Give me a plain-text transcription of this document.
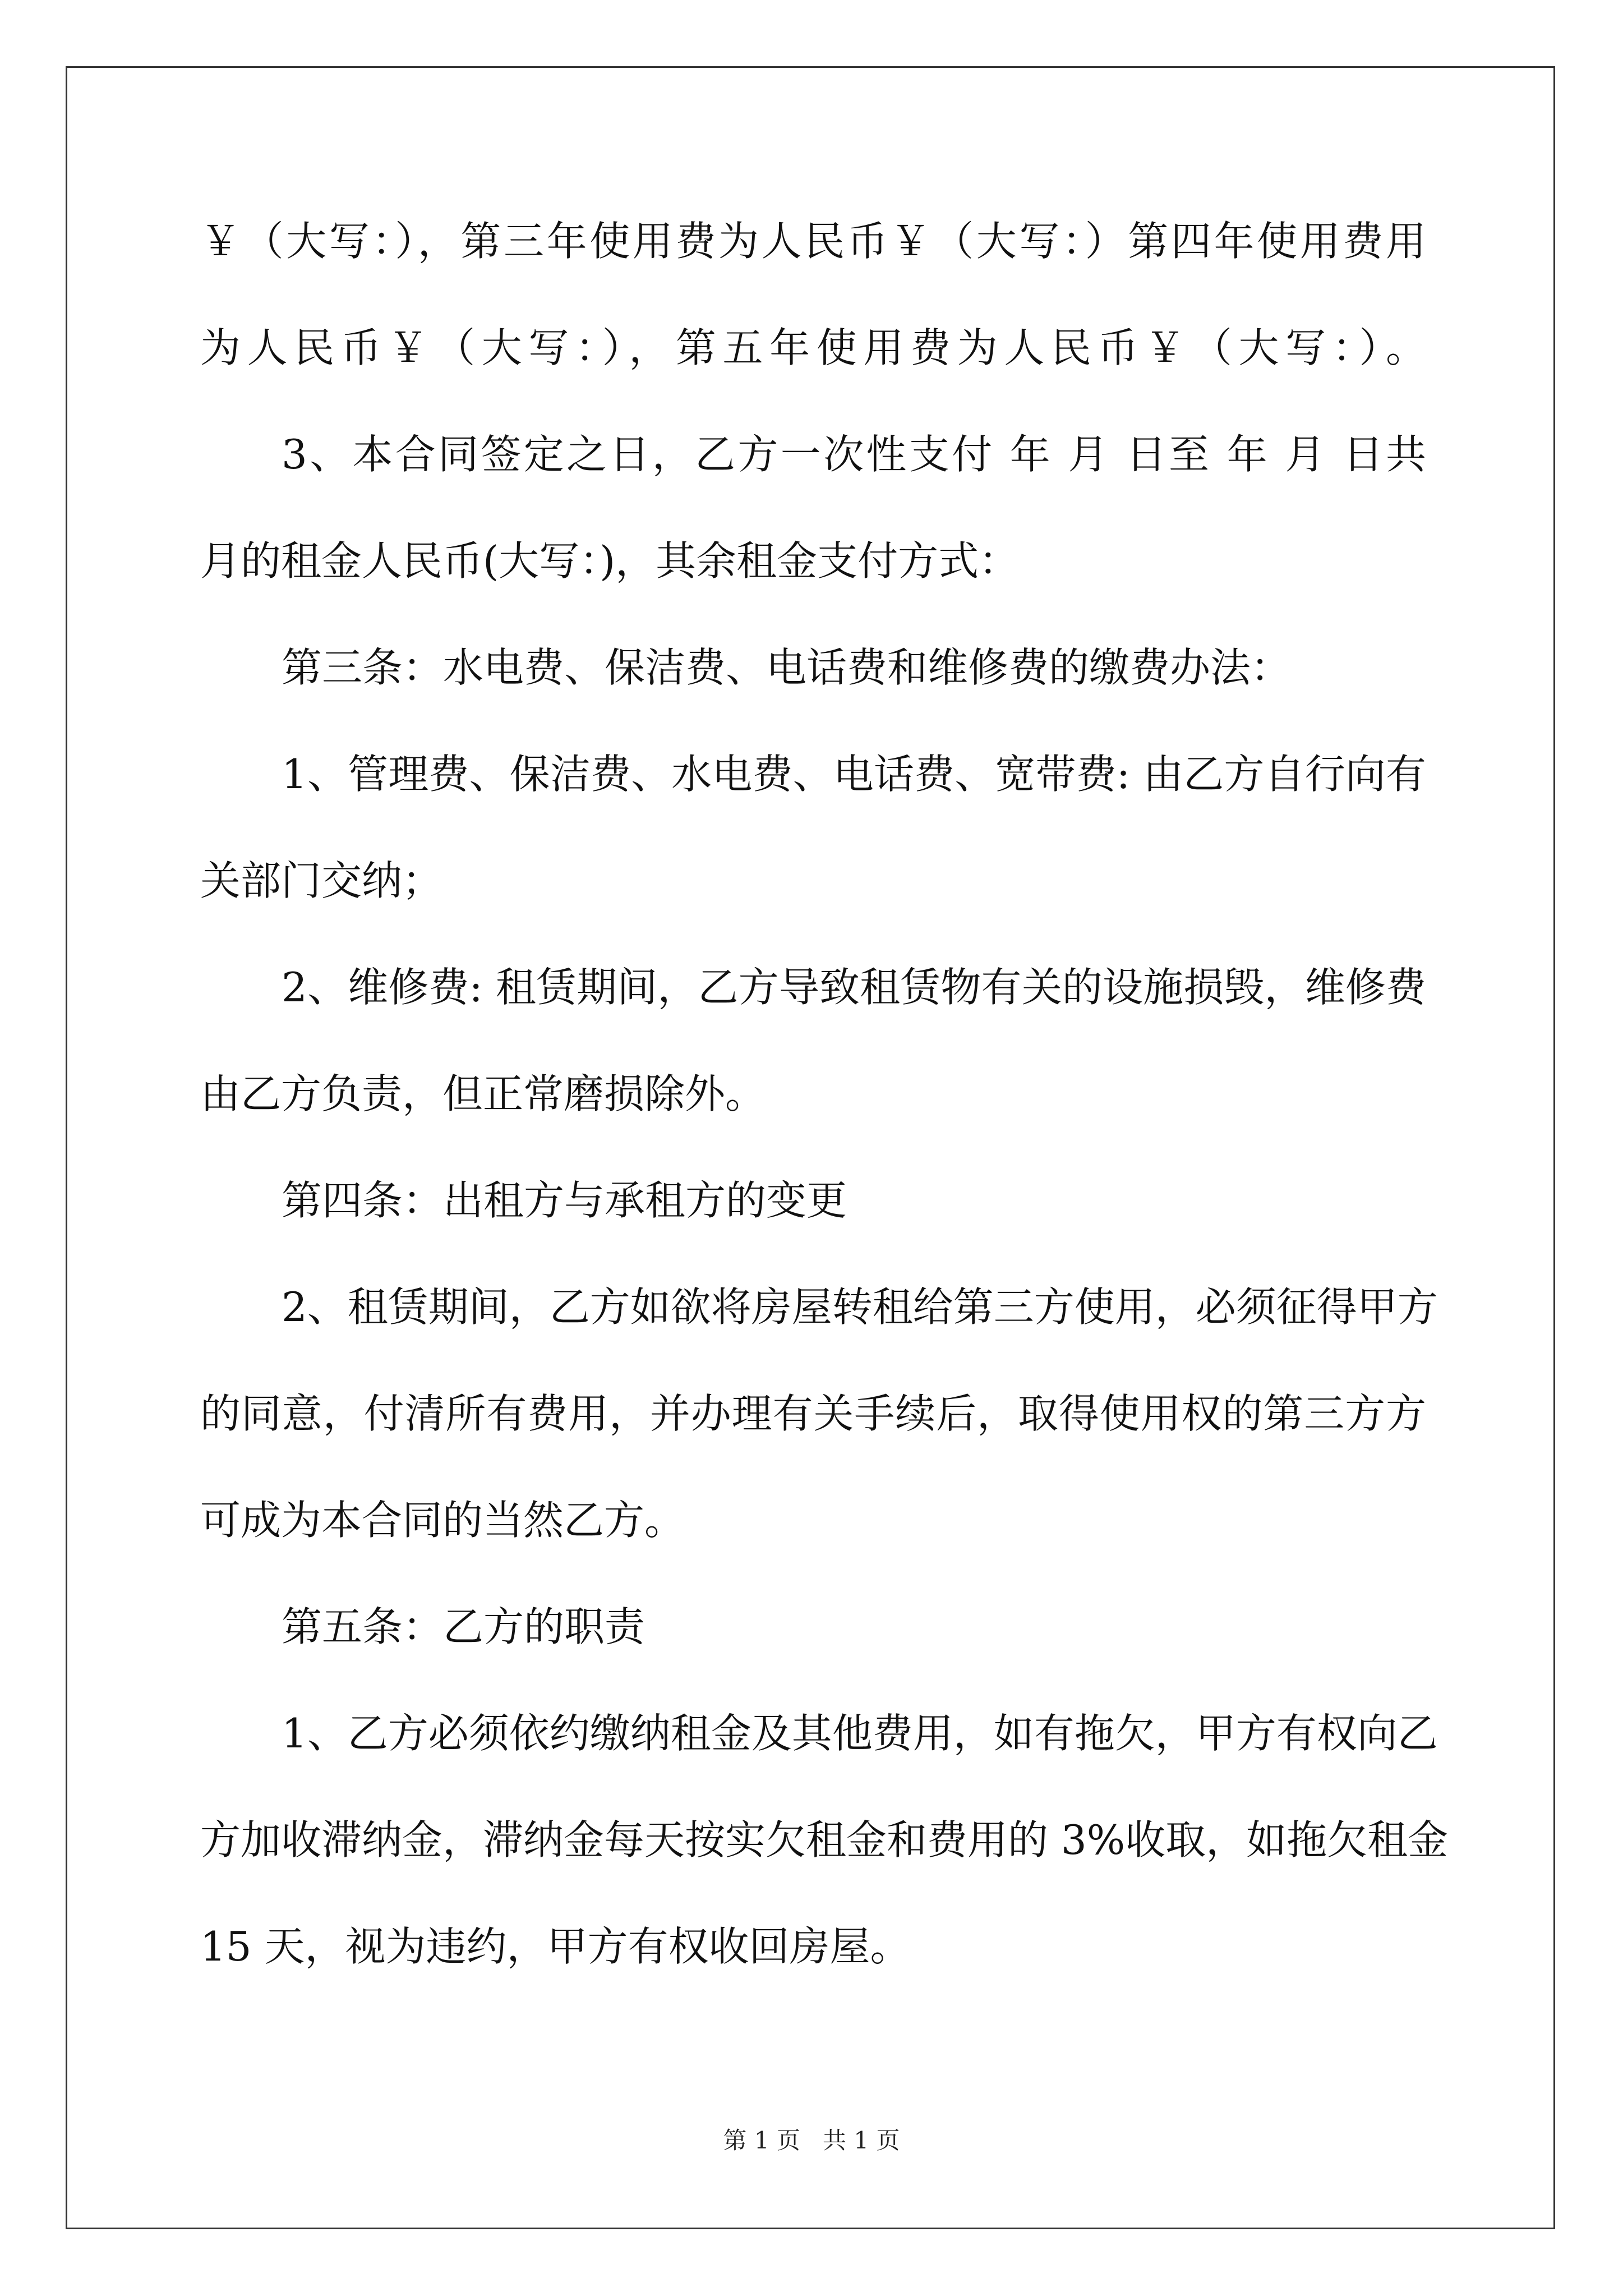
￥（大写：），第三年使用费为人民币￥（大写：）第四年使用费用
为人民币￥（大写：），第五年使用费为人民币￥（大写：）。
3、本合同签定之日，乙方一次性支付 年 月 日至 年 月 日共
月的租金人民币(大写：)，其余租金支付方式：
第三条：水电费、保洁费、电话费和维修费的缴费办法：
1、管理费、保洁费、水电费、电话费、宽带费: 由乙方自行向有
关部门交纳；
2、维修费: 租赁期间，乙方导致租赁物有关的设施损毁，维修费
由乙方负责，但正常磨损除外。
第四条：出租方与承租方的变更
2、租赁期间，乙方如欲将房屋转租给第三方使用，必须征得甲方
的同意，付清所有费用，并办理有关手续后，取得使用权的第三方方
可成为本合同的当然乙方。
第五条：乙方的职责
1、乙方必须依约缴纳租金及其他费用，如有拖欠，甲方有权向乙
方加收滞纳金，滞纳金每天按实欠租金和费用的 3%收取，如拖欠租金
15 天，视为违约，甲方有权收回房屋。
第 1 页   共 1 页
